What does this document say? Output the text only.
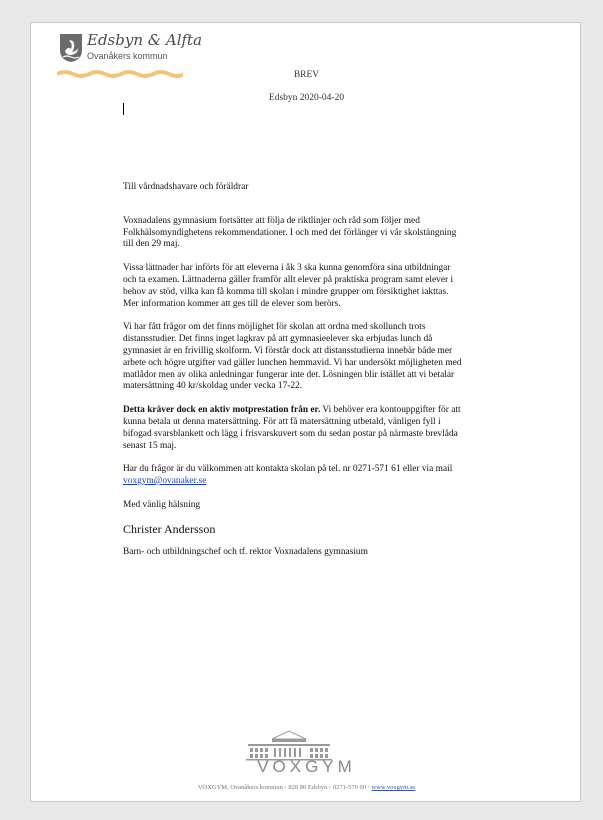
Edsbyn & Alfta
Ovanåkers kommun
BREV
Edsbyn 2020-04-20

Till vårdnadshavare och föräldrar

Voxnadalens gymnasium fortsätter att följa de riktlinjer och råd som följer med Folkhälsomyndighetens rekommendationer. I och med det förlänger vi vår skolstängning till den 29 maj.

Vissa lättnader har införts för att eleverna i åk 3 ska kunna genomföra sina utbildningar och ta examen. Lättnaderna gäller framför allt elever på praktiska program samt elever i behov av stöd, vilka kan få komma till skolan i mindre grupper om försiktighet iakttas. Mer information kommer att ges till de elever som berörs.

Vi har fått frågor om det finns möjlighet för skolan att ordna med skollunch trots distansstudier. Det finns inget lagkrav på att gymnasieelever ska erbjudas lunch då gymnasiet är en frivillig skolform. Vi förstår dock att distansstudierna innebär både mer arbete och högre utgifter vad gäller lunchen hemmavid. Vi har undersökt möjligheten med matlådor men av olika anledningar fungerar inte det. Lösningen blir istället att vi betalar matersättning 40 kr/skoldag under vecka 17-22.

Detta kräver dock en aktiv motprestation från er. Vi behöver era kontouppgifter för att kunna betala ut denna matersättning. För att få matersättning utbetald, vänligen fyll i bifogad svarsblankett och lägg i frisvarskuvert som du sedan postar på närmaste brevlåda senast 15 maj.

Har du frågor är du välkommen att kontakta skolan på tel. nr 0271-571 61 eller via mail voxgym@ovanaker.se

Med vänlig hälsning

Christer Andersson

Barn- och utbildningschef och tf. rektor Voxnadalens gymnasium

VOXGYM
VOXGYM, Ovanåkers kommun ◦ 828 80 Edsbyn ◦ 0271-570 00 ◦ www.voxgym.se
